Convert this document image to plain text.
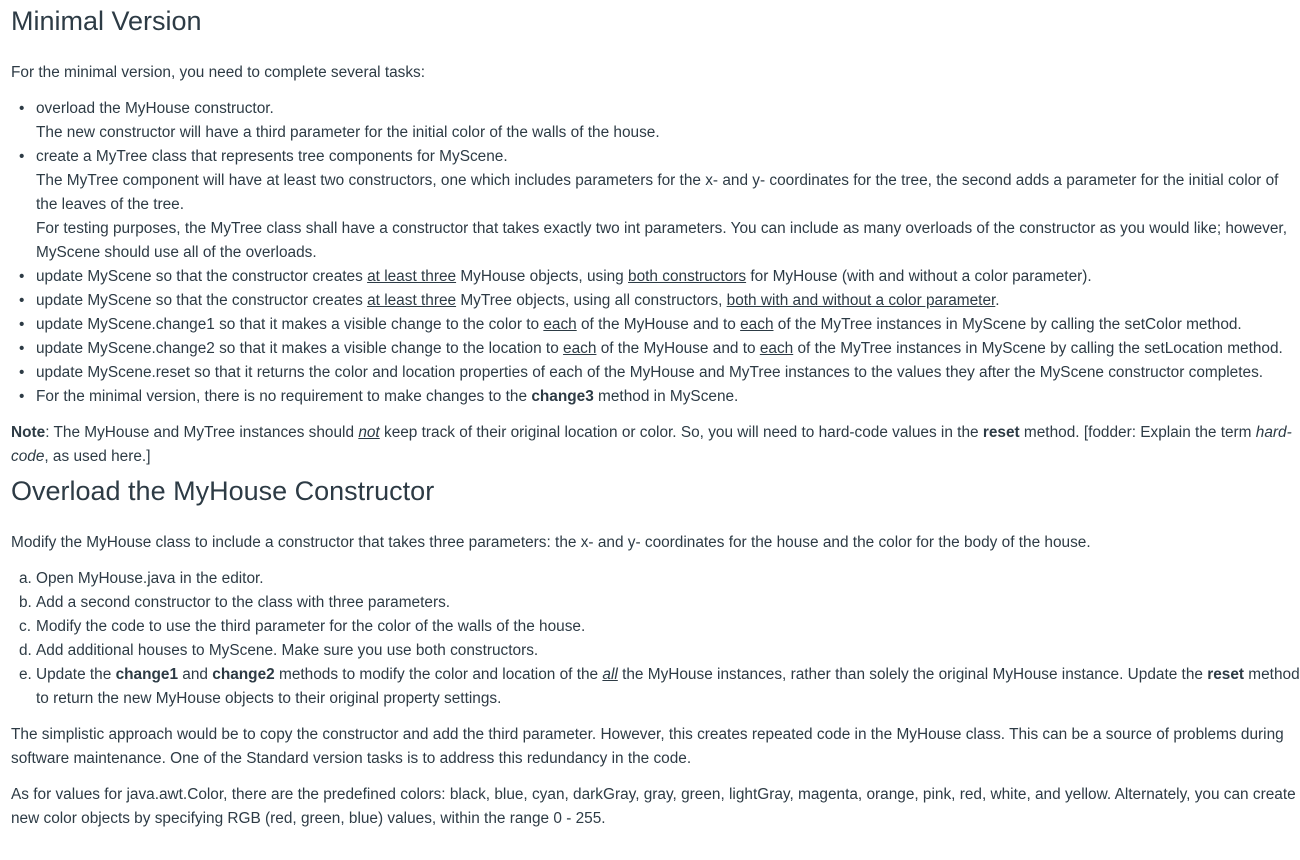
Minimal Version

For the minimal version, you need to complete several tasks:

• overload the MyHouse constructor.
The new constructor will have a third parameter for the initial color of the walls of the house.
• create a MyTree class that represents tree components for MyScene.
The MyTree component will have at least two constructors, one which includes parameters for the x- and y- coordinates for the tree, the second adds a parameter for the initial color of the leaves of the tree.
For testing purposes, the MyTree class shall have a constructor that takes exactly two int parameters. You can include as many overloads of the constructor as you would like; however, MyScene should use all of the overloads.
• update MyScene so that the constructor creates at least three MyHouse objects, using both constructors for MyHouse (with and without a color parameter).
• update MyScene so that the constructor creates at least three MyTree objects, using all constructors, both with and without a color parameter.
• update MyScene.change1 so that it makes a visible change to the color to each of the MyHouse and to each of the MyTree instances in MyScene by calling the setColor method.
• update MyScene.change2 so that it makes a visible change to the location to each of the MyHouse and to each of the MyTree instances in MyScene by calling the setLocation method.
• update MyScene.reset so that it returns the color and location properties of each of the MyHouse and MyTree instances to the values they after the MyScene constructor completes.
• For the minimal version, there is no requirement to make changes to the change3 method in MyScene.

Note: The MyHouse and MyTree instances should not keep track of their original location or color. So, you will need to hard-code values in the reset method. [fodder: Explain the term hard-code, as used here.]

Overload the MyHouse Constructor

Modify the MyHouse class to include a constructor that takes three parameters: the x- and y- coordinates for the house and the color for the body of the house.

a. Open MyHouse.java in the editor.
b. Add a second constructor to the class with three parameters.
c. Modify the code to use the third parameter for the color of the walls of the house.
d. Add additional houses to MyScene. Make sure you use both constructors.
e. Update the change1 and change2 methods to modify the color and location of the all the MyHouse instances, rather than solely the original MyHouse instance. Update the reset method to return the new MyHouse objects to their original property settings.

The simplistic approach would be to copy the constructor and add the third parameter. However, this creates repeated code in the MyHouse class. This can be a source of problems during software maintenance. One of the Standard version tasks is to address this redundancy in the code.

As for values for java.awt.Color, there are the predefined colors: black, blue, cyan, darkGray, gray, green, lightGray, magenta, orange, pink, red, white, and yellow. Alternately, you can create new color objects by specifying RGB (red, green, blue) values, within the range 0 - 255.
